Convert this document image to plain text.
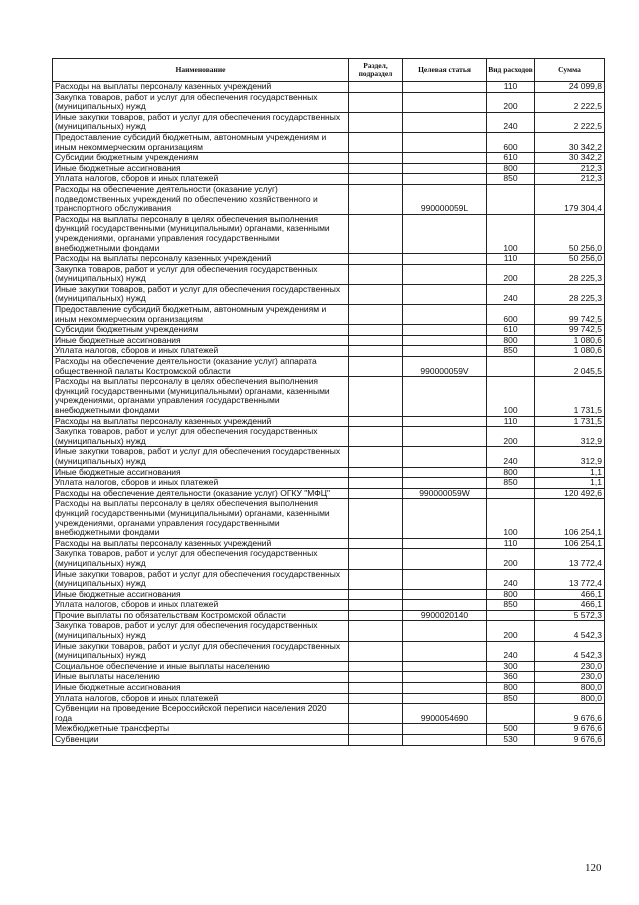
Наименование	Раздел, подраздел	Целевая статья	Вид расходов	Сумма
Расходы на выплаты персоналу казенных учреждений			110	24 099,8
Закупка товаров, работ и услуг для обеспечения государственных (муниципальных) нужд			200	2 222,5
Иные закупки товаров, работ и услуг для обеспечения государственных (муниципальных) нужд			240	2 222,5
Предоставление субсидий бюджетным, автономным учреждениям и иным некоммерческим организациям			600	30 342,2
Субсидии бюджетным учреждениям			610	30 342,2
Иные бюджетные ассигнования			800	212,3
Уплата налогов, сборов и иных платежей			850	212,3
Расходы на обеспечение деятельности (оказание услуг) подведомственных учреждений по обеспечению хозяйственного и транспортного обслуживания		990000059L		179 304,4
Расходы на выплаты персоналу в целях обеспечения выполнения функций государственными (муниципальными) органами, казенными учреждениями, органами управления государственными внебюджетными фондами			100	50 256,0
Расходы на выплаты персоналу казенных учреждений			110	50 256,0
Закупка товаров, работ и услуг для обеспечения государственных (муниципальных) нужд			200	28 225,3
Иные закупки товаров, работ и услуг для обеспечения государственных (муниципальных) нужд			240	28 225,3
Предоставление субсидий бюджетным, автономным учреждениям и иным некоммерческим организациям			600	99 742,5
Субсидии бюджетным учреждениям			610	99 742,5
Иные бюджетные ассигнования			800	1 080,6
Уплата налогов, сборов и иных платежей			850	1 080,6
Расходы на обеспечение деятельности (оказание услуг) аппарата общественной палаты Костромской области		990000059V		2 045,5
Расходы на выплаты персоналу в целях обеспечения выполнения функций государственными (муниципальными) органами, казенными учреждениями, органами управления государственными внебюджетными фондами			100	1 731,5
Расходы на выплаты персоналу казенных учреждений			110	1 731,5
Закупка товаров, работ и услуг для обеспечения государственных (муниципальных) нужд			200	312,9
Иные закупки товаров, работ и услуг для обеспечения государственных (муниципальных) нужд			240	312,9
Иные бюджетные ассигнования			800	1,1
Уплата налогов, сборов и иных платежей			850	1,1
Расходы на обеспечение деятельности (оказание услуг) ОГКУ "МФЦ"		990000059W		120 492,6
Расходы на выплаты персоналу в целях обеспечения выполнения функций государственными (муниципальными) органами, казенными учреждениями, органами управления государственными внебюджетными фондами			100	106 254,1
Расходы на выплаты персоналу казенных учреждений			110	106 254,1
Закупка товаров, работ и услуг для обеспечения государственных (муниципальных) нужд			200	13 772,4
Иные закупки товаров, работ и услуг для обеспечения государственных (муниципальных) нужд			240	13 772,4
Иные бюджетные ассигнования			800	466,1
Уплата налогов, сборов и иных платежей			850	466,1
Прочие выплаты по обязательствам Костромской области		9900020140		5 572,3
Закупка товаров, работ и услуг для обеспечения государственных (муниципальных) нужд			200	4 542,3
Иные закупки товаров, работ и услуг для обеспечения государственных (муниципальных) нужд			240	4 542,3
Социальное обеспечение и иные выплаты населению			300	230,0
Иные выплаты населению			360	230,0
Иные бюджетные ассигнования			800	800,0
Уплата налогов, сборов и иных платежей			850	800,0
Субвенции на проведение Всероссийской переписи населения 2020 года		9900054690		9 676,6
Межбюджетные трансферты			500	9 676,6
Субвенции			530	9 676,6
120
